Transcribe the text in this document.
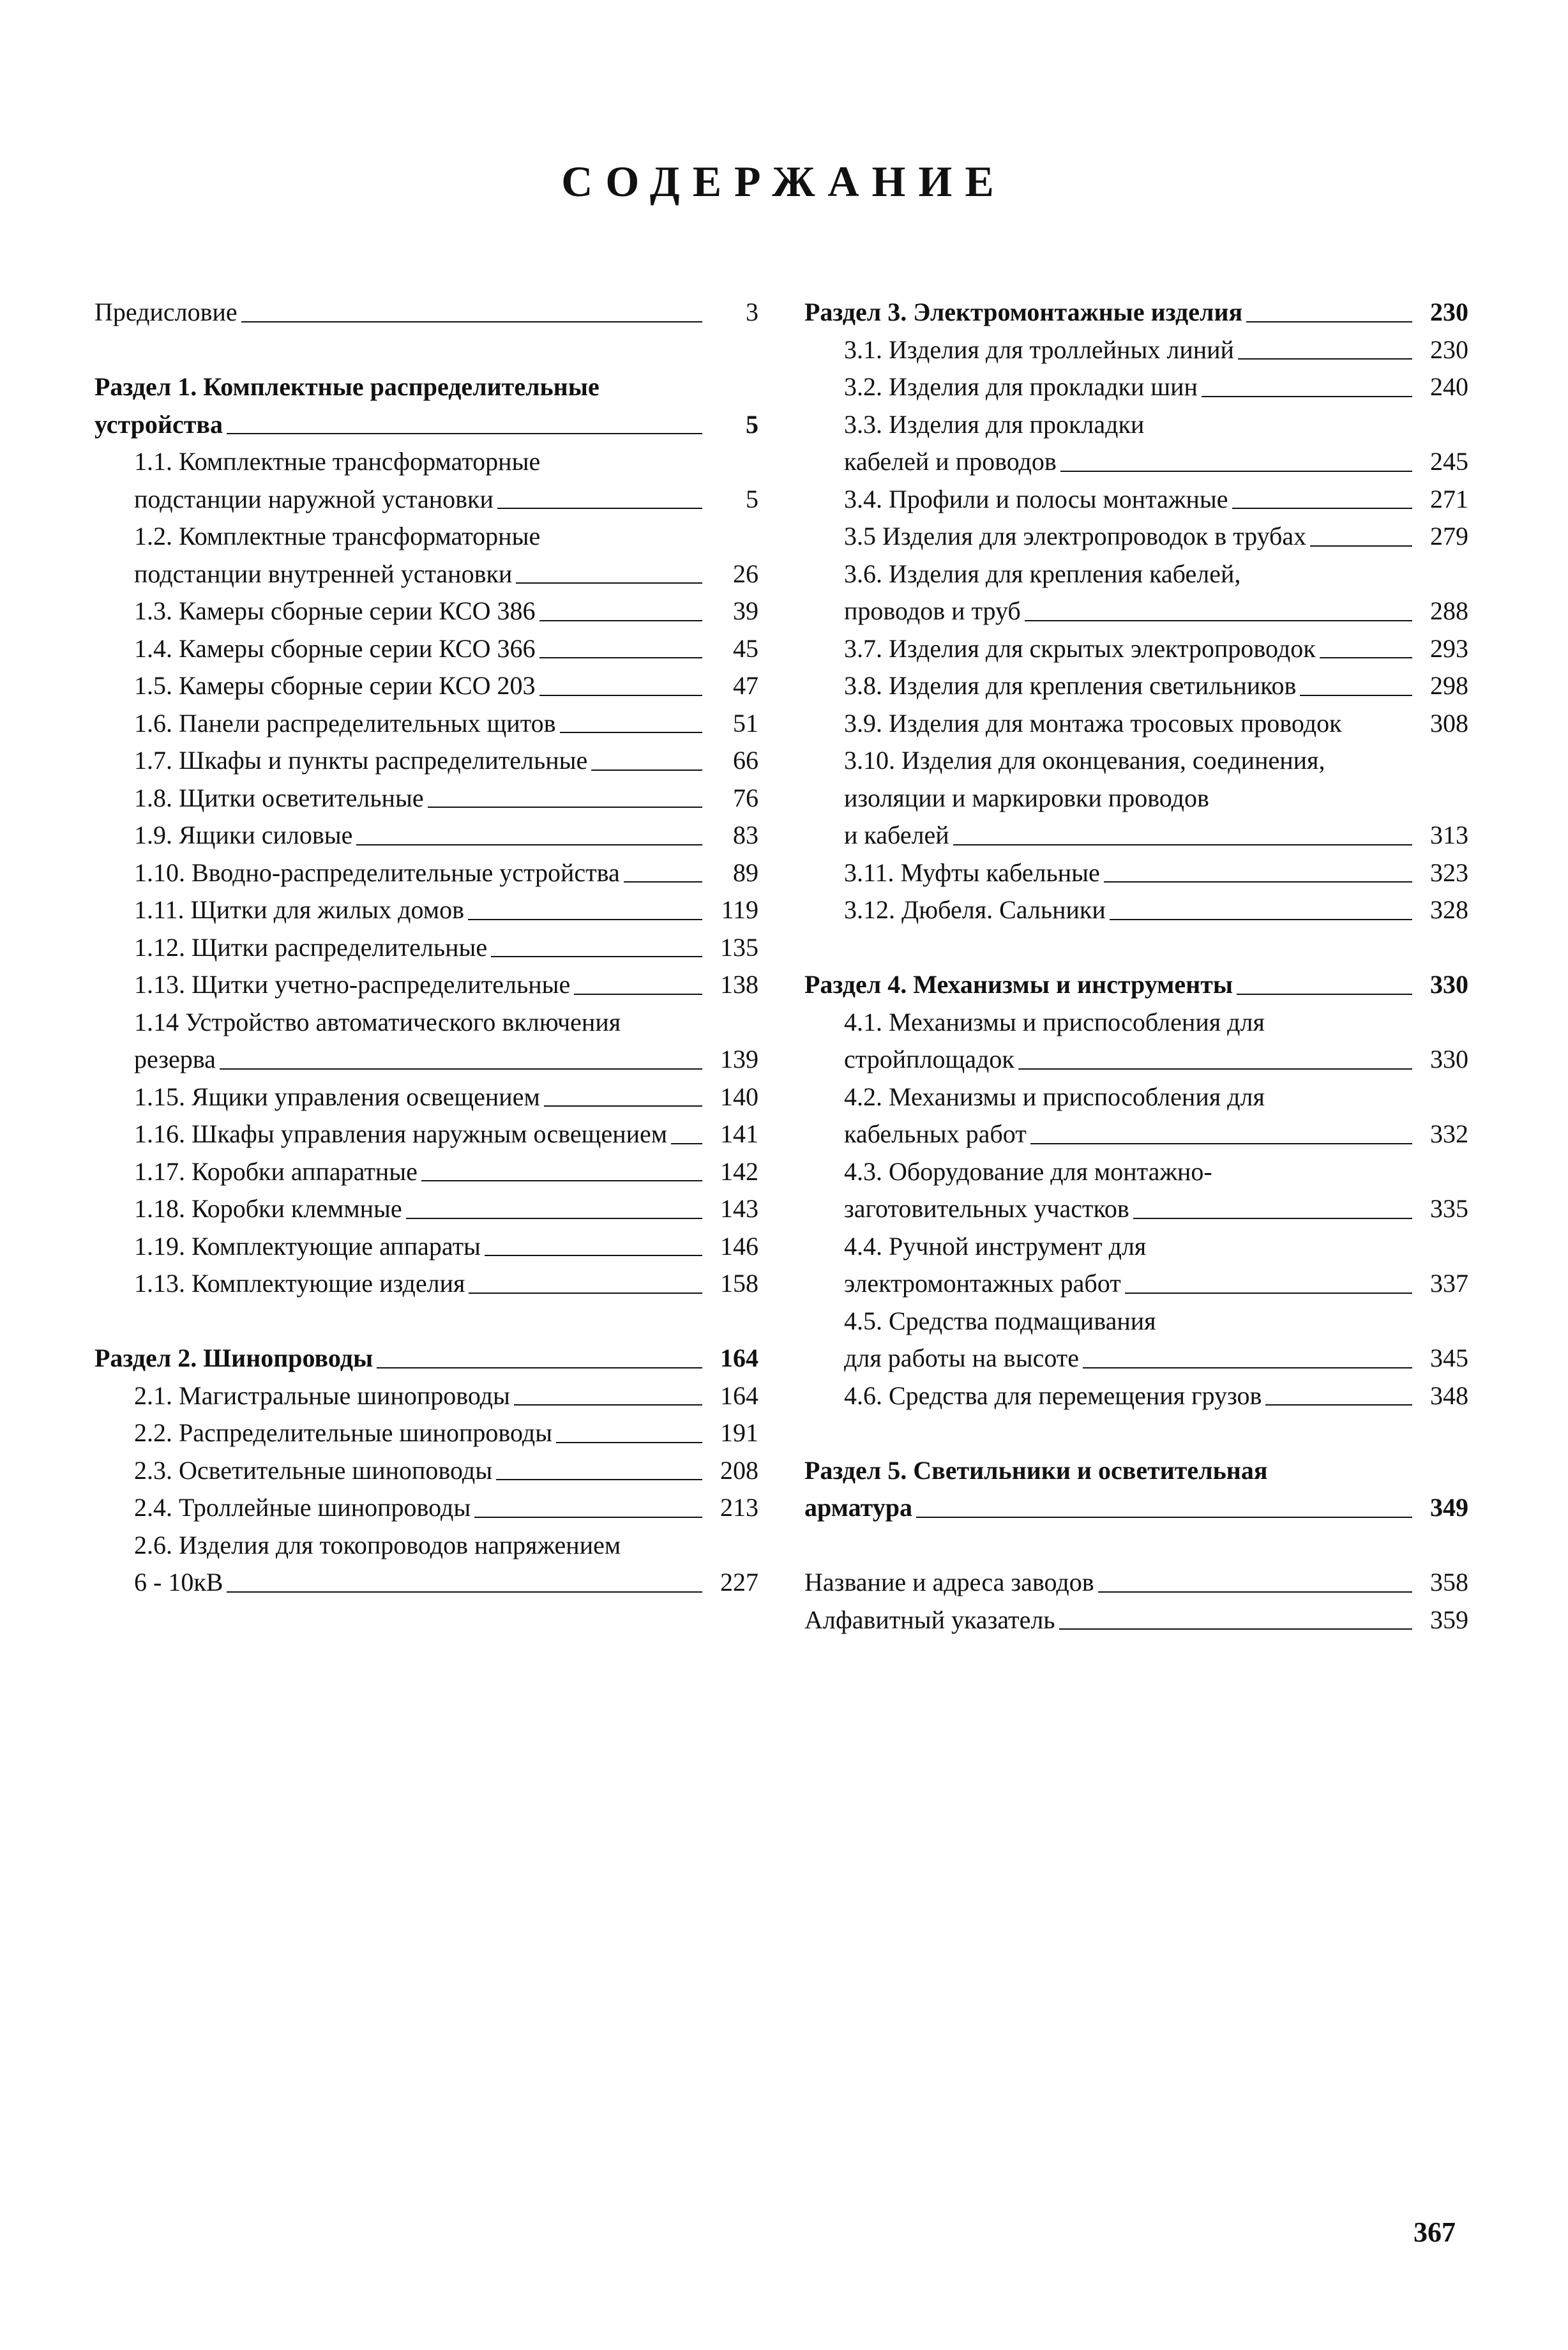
СОДЕРЖАНИЕ
Предисловие	3
Раздел 1. Комплектные распределительные
устройства	5
1.1. Комплектные трансформаторные
подстанции наружной установки	5
1.2. Комплектные трансформаторные
подстанции внутренней установки	26
1.3. Камеры сборные серии КСО 386	39
1.4. Камеры сборные серии КСО 366	45
1.5. Камеры сборные серии КСО 203	47
1.6. Панели распределительных щитов	51
1.7. Шкафы и пункты распределительные	66
1.8. Щитки осветительные	76
1.9. Ящики силовые	83
1.10. Вводно-распределительные устройства	89
1.11. Щитки для жилых домов	119
1.12. Щитки распределительные	135
1.13. Щитки учетно-распределительные	138
1.14 Устройство автоматического включения
резерва	139
1.15. Ящики управления освещением	140
1.16. Шкафы управления наружным освещением	141
1.17. Коробки аппаратные	142
1.18. Коробки клеммные	143
1.19. Комплектующие аппараты	146
1.13. Комплектующие изделия	158
Раздел 2. Шинопроводы	164
2.1. Магистральные шинопроводы	164
2.2. Распределительные шинопроводы	191
2.3. Осветительные шиноповоды	208
2.4. Троллейные шинопроводы	213
2.6. Изделия для токопроводов напряжением
6 - 10кВ	227
Раздел 3. Электромонтажные изделия	230
3.1. Изделия для троллейных линий	230
3.2. Изделия для прокладки шин	240
3.3. Изделия для прокладки
кабелей и проводов	245
3.4. Профили и полосы монтажные	271
3.5 Изделия для электропроводок в трубах	279
3.6. Изделия для крепления кабелей,
проводов и труб	288
3.7. Изделия для скрытых электропроводок	293
3.8. Изделия для крепления светильников	298
3.9. Изделия для монтажа тросовых проводок	308
3.10. Изделия для оконцевания, соединения,
изоляции и маркировки проводов
и кабелей	313
3.11. Муфты кабельные	323
3.12. Дюбеля. Сальники	328
Раздел 4. Механизмы и инструменты	330
4.1. Механизмы и приспособления для
стройплощадок	330
4.2. Механизмы и приспособления для
кабельных работ	332
4.3. Оборудование для монтажно-
заготовительных участков	335
4.4. Ручной инструмент для
электромонтажных работ	337
4.5. Средства подмащивания
для работы на высоте	345
4.6. Средства для перемещения грузов	348
Раздел 5. Светильники и осветительная
арматура	349
Название и адреса заводов	358
Алфавитный указатель	359
367
